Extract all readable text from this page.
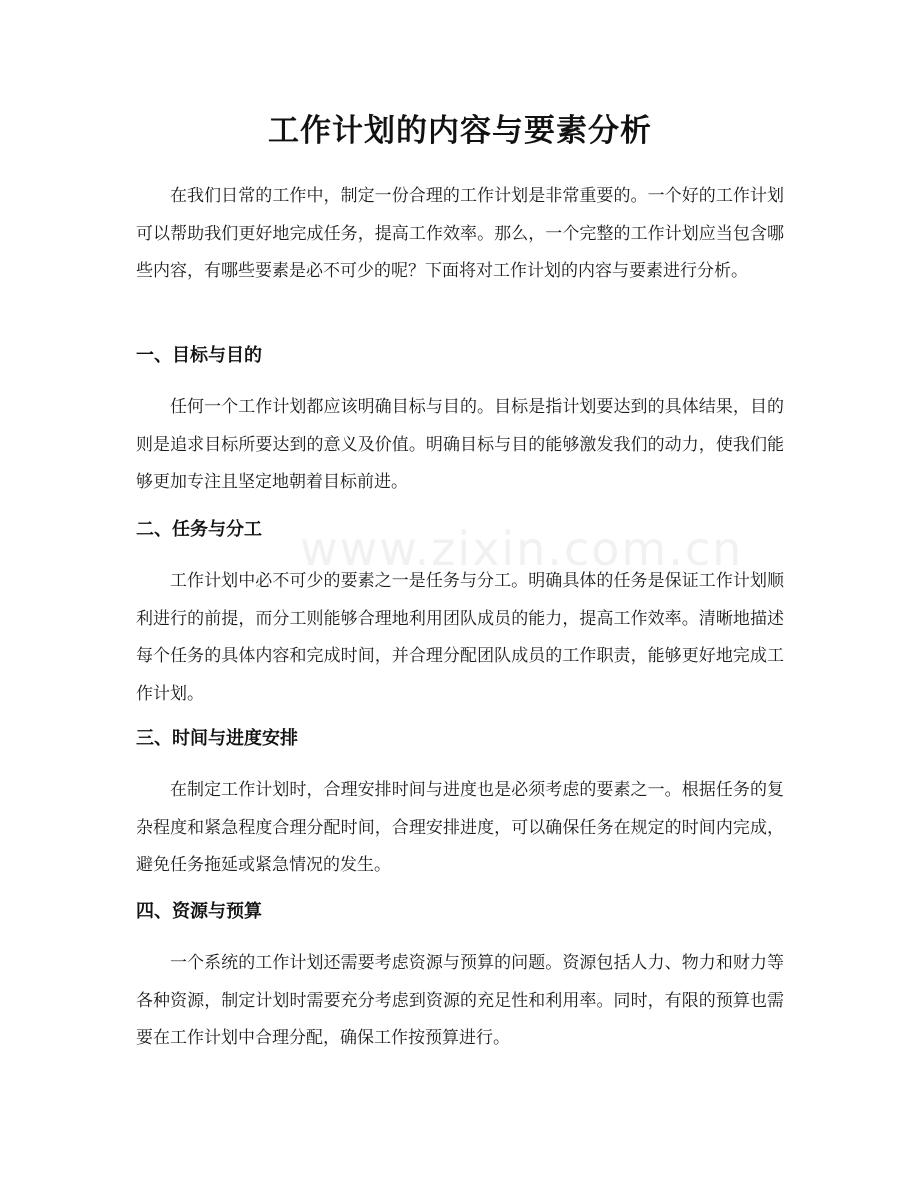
工作计划的内容与要素分析

在我们日常的工作中，制定一份合理的工作计划是非常重要的。一个好的工作计划可以帮助我们更好地完成任务，提高工作效率。那么，一个完整的工作计划应当包含哪些内容，有哪些要素是必不可少的呢？下面将对工作计划的内容与要素进行分析。

一、目标与目的

任何一个工作计划都应该明确目标与目的。目标是指计划要达到的具体结果，目的则是追求目标所要达到的意义及价值。明确目标与目的能够激发我们的动力，使我们能够更加专注且坚定地朝着目标前进。

二、任务与分工

工作计划中必不可少的要素之一是任务与分工。明确具体的任务是保证工作计划顺利进行的前提，而分工则能够合理地利用团队成员的能力，提高工作效率。清晰地描述每个任务的具体内容和完成时间，并合理分配团队成员的工作职责，能够更好地完成工作计划。

三、时间与进度安排

在制定工作计划时，合理安排时间与进度也是必须考虑的要素之一。根据任务的复杂程度和紧急程度合理分配时间，合理安排进度，可以确保任务在规定的时间内完成，避免任务拖延或紧急情况的发生。

四、资源与预算

一个系统的工作计划还需要考虑资源与预算的问题。资源包括人力、物力和财力等各种资源，制定计划时需要充分考虑到资源的充足性和利用率。同时，有限的预算也需要在工作计划中合理分配，确保工作按预算进行。

www.zixin.com.cn
